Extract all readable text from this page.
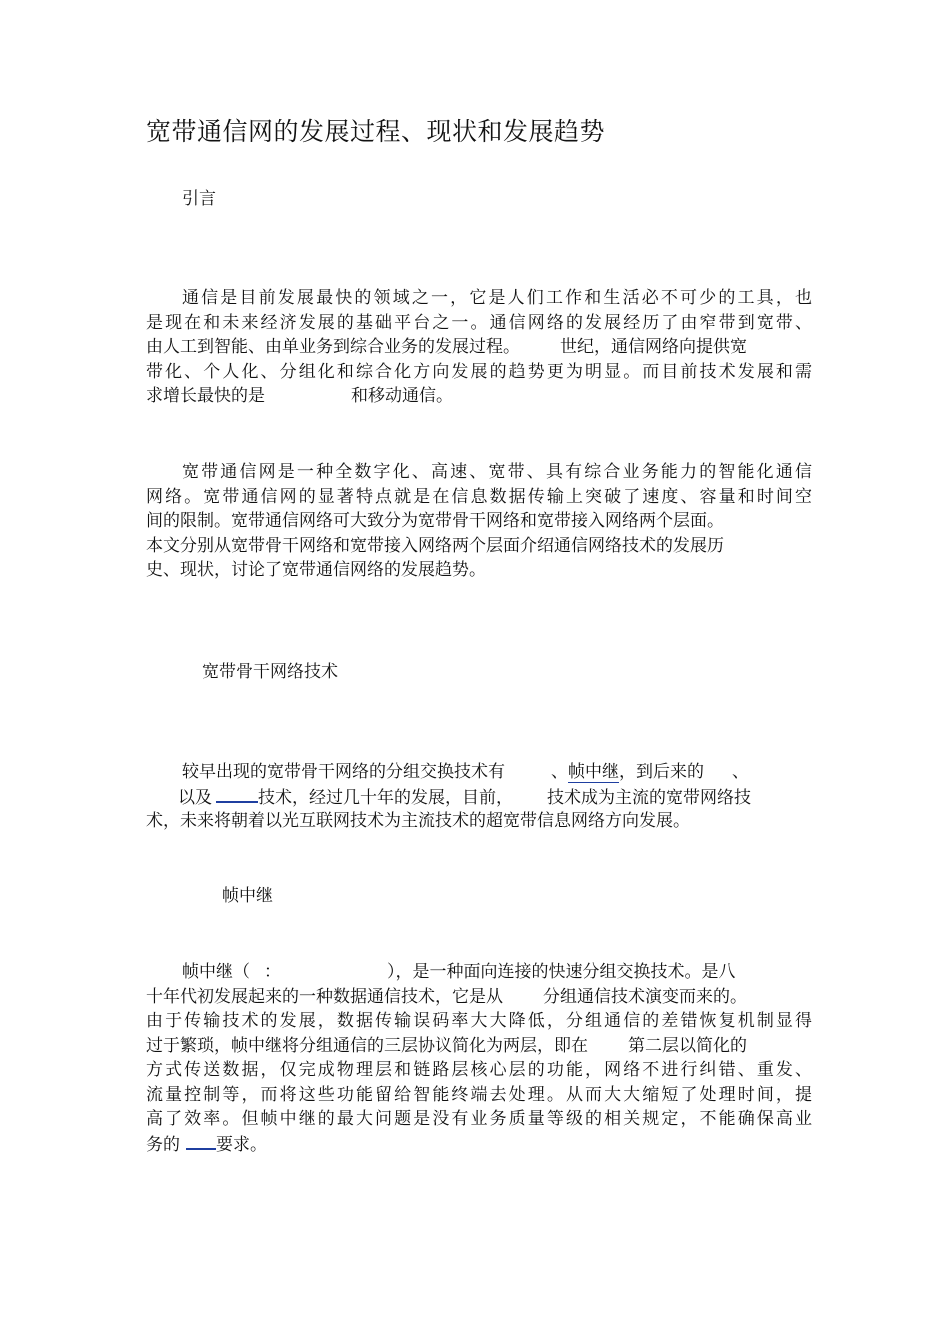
宽带通信网的发展过程、现状和发展趋势
引言
通信是目前发展最快的领域之一，它是人们工作和生活必不可少的工具，也
是现在和未来经济发展的基础平台之一。通信网络的发展经历了由窄带到宽带、
由人工到智能、由单业务到综合业务的发展过程。 世纪，通信网络向提供宽
带化、个人化、分组化和综合化方向发展的趋势更为明显。而目前技术发展和需
求增长最快的是	和移动通信。
宽带通信网是一种全数字化、高速、宽带、具有综合业务能力的智能化通信
网络。宽带通信网的显著特点就是在信息数据传输上突破了速度、容量和时间空
间的限制。宽带通信网络可大致分为宽带骨干网络和宽带接入网络两个层面。
本文分别从宽带骨干网络和宽带接入网络两个层面介绍通信网络技术的发展历
史、现状，讨论了宽带通信网络的发展趋势。
宽带骨干网络技术
较早出现的宽带骨干网络的分组交换技术有	、帧中继，到后来的 、
以及	技术，经过几十年的发展，目前， 技术成为主流的宽带网络技
术，未来将朝着以光互联网技术为主流技术的超宽带信息网络方向发展。
帧中继
帧中继（ ：	），是一种面向连接的快速分组交换技术。是八
十年代初发展起来的一种数据通信技术，它是从 分组通信技术演变而来的。
由于传输技术的发展，数据传输误码率大大降低，分组通信的差错恢复机制显得
过于繁琐，帧中继将分组通信的三层协议简化为两层，即在 第二层以简化的
方式传送数据，仅完成物理层和链路层核心层的功能，网络不进行纠错、重发、
流量控制等，而将这些功能留给智能终端去处理。从而大大缩短了处理时间，提
高了效率。但帧中继的最大问题是没有业务质量等级的相关规定，不能确保高业
务的 要求。
